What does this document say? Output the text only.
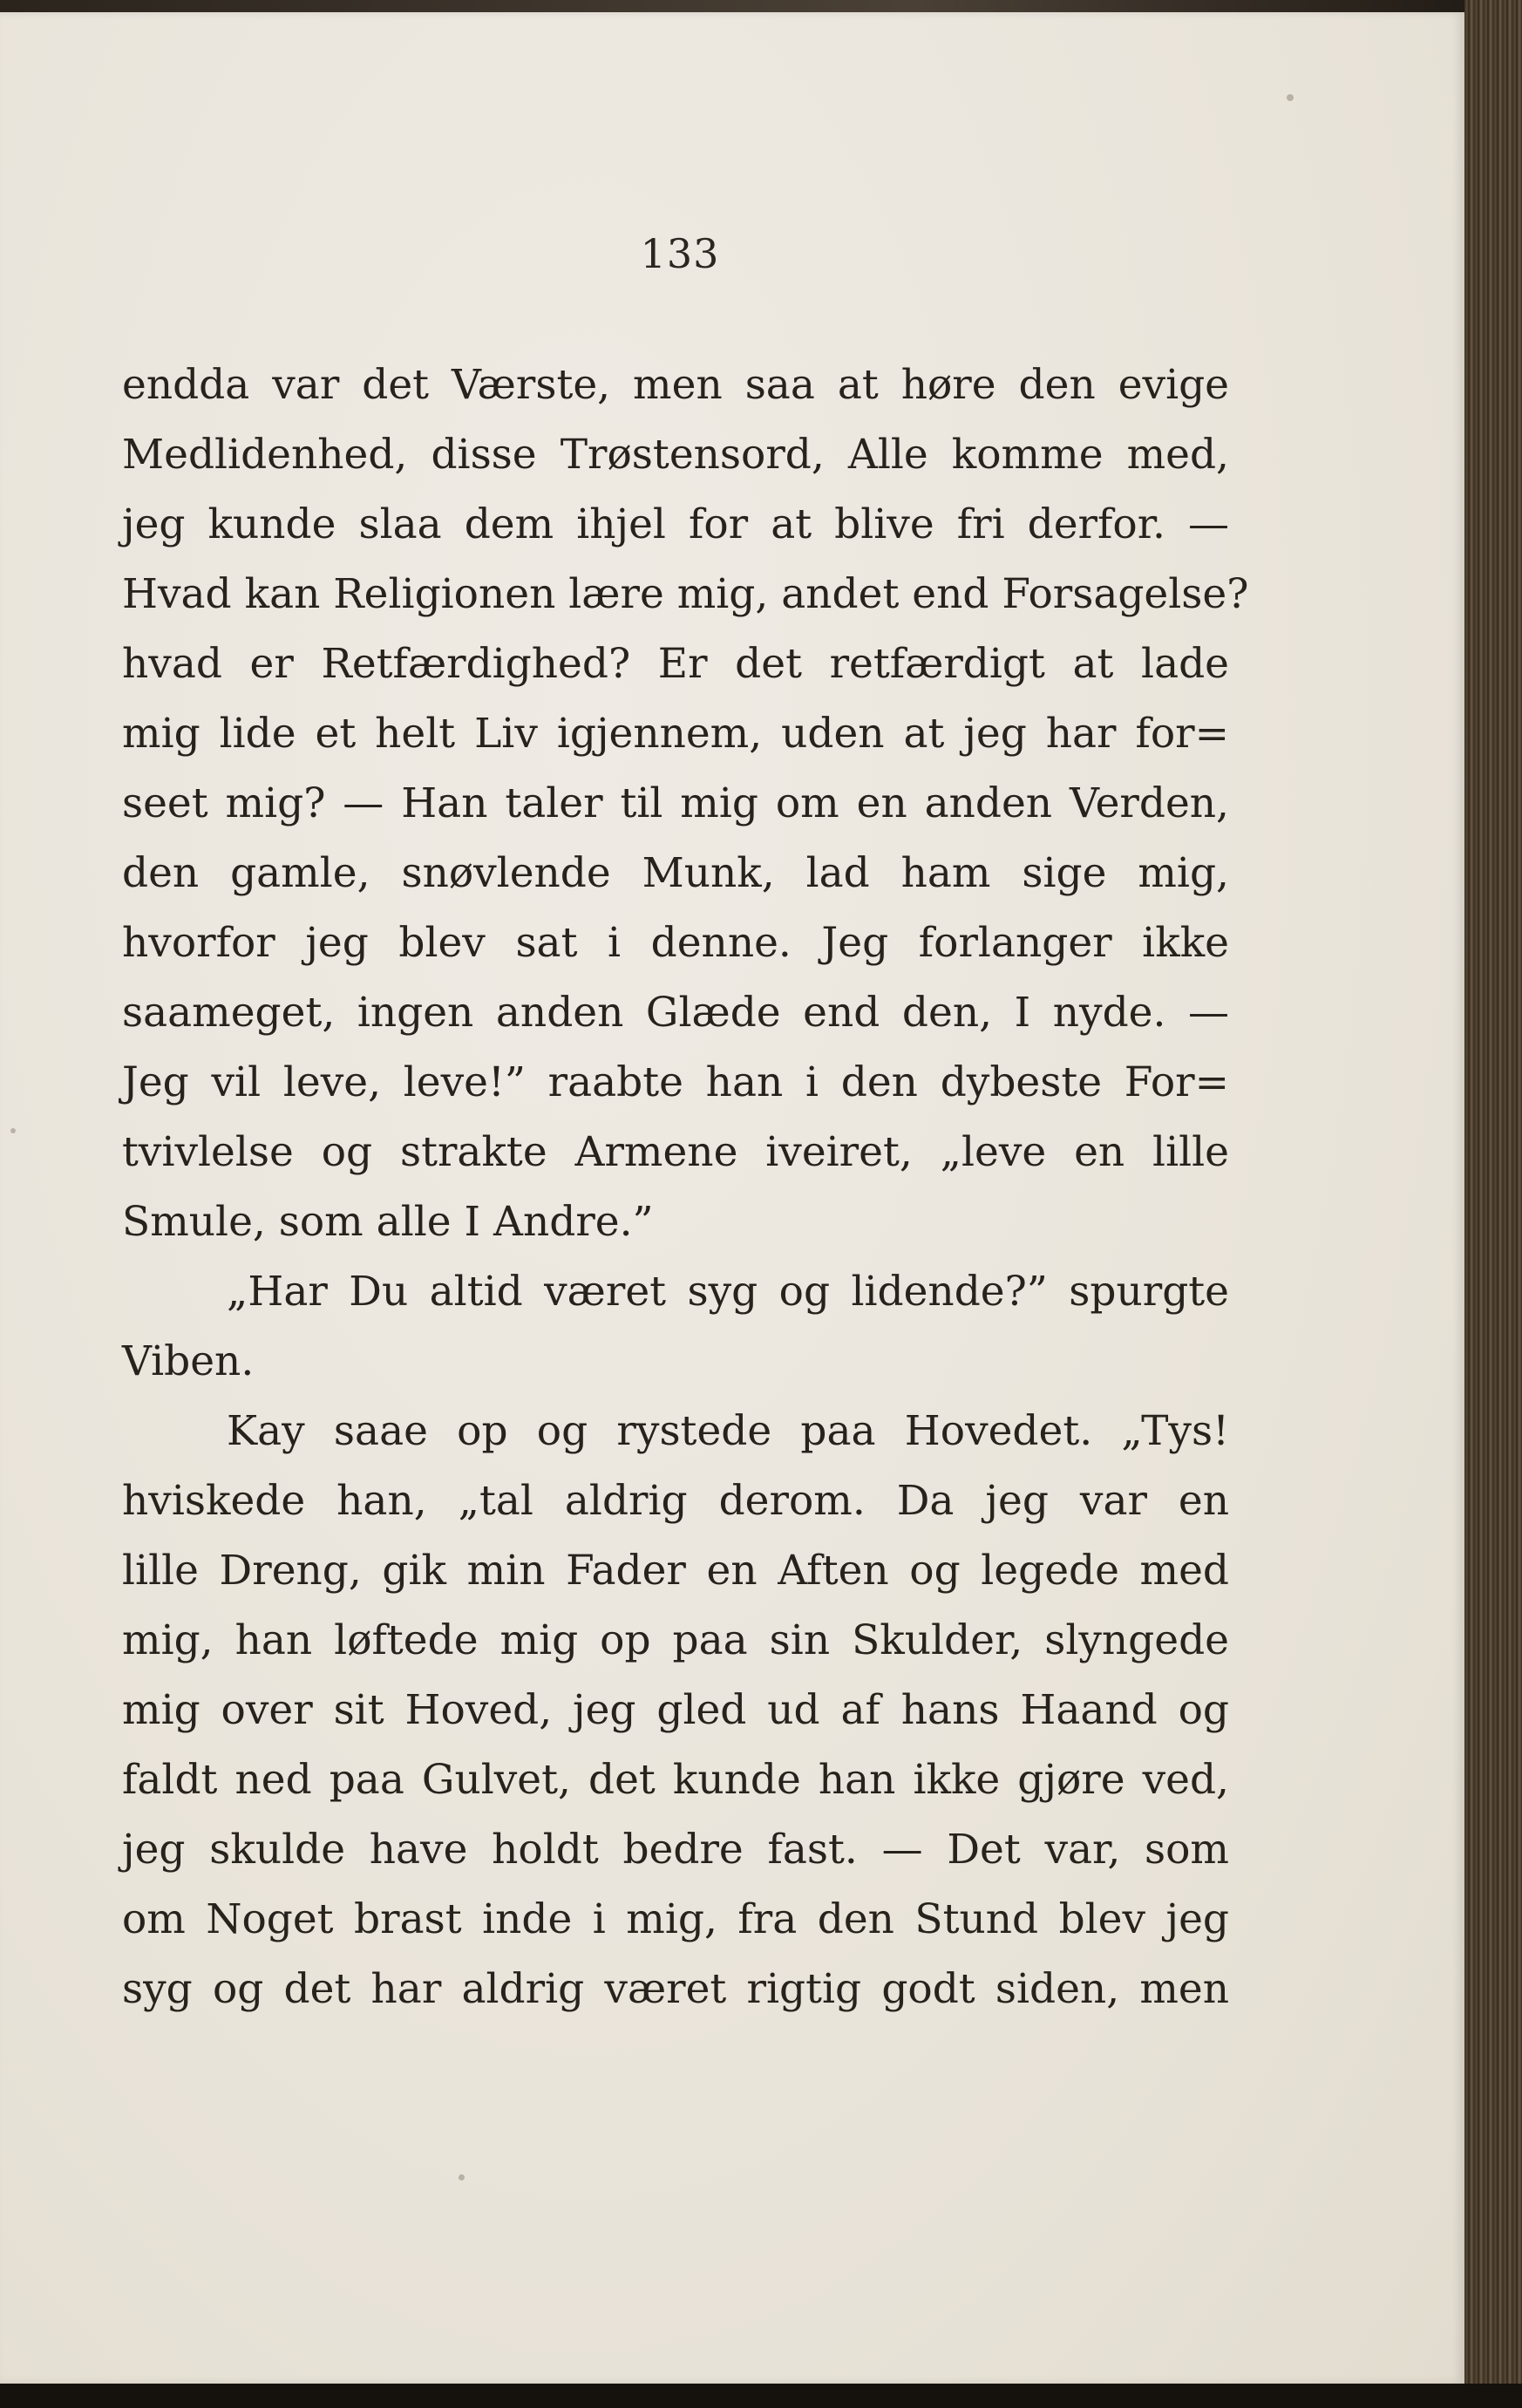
133
endda var det Værste, men saa at høre den evige
Medlidenhed, disse Trøstensord, Alle komme med,
jeg kunde slaa dem ihjel for at blive fri derfor. —
Hvad kan Religionen lære mig, andet end Forsagelse?
hvad er Retfærdighed? Er det retfærdigt at lade
mig lide et helt Liv igjennem, uden at jeg har for=
seet mig? — Han taler til mig om en anden Verden,
den gamle, snøvlende Munk, lad ham sige mig,
hvorfor jeg blev sat i denne. Jeg forlanger ikke
saameget, ingen anden Glæde end den, I nyde. —
Jeg vil leve, leve!” raabte han i den dybeste For=
tvivlelse og strakte Armene iveiret, „leve en lille
Smule, som alle I Andre.”
„Har Du altid været syg og lidende?” spurgte
Viben.
Kay saae op og rystede paa Hovedet. „Tys!
hviskede han, „tal aldrig derom. Da jeg var en
lille Dreng, gik min Fader en Aften og legede med
mig, han løftede mig op paa sin Skulder, slyngede
mig over sit Hoved, jeg gled ud af hans Haand og
faldt ned paa Gulvet, det kunde han ikke gjøre ved,
jeg skulde have holdt bedre fast. — Det var, som
om Noget brast inde i mig, fra den Stund blev jeg
syg og det har aldrig været rigtig godt siden, men
